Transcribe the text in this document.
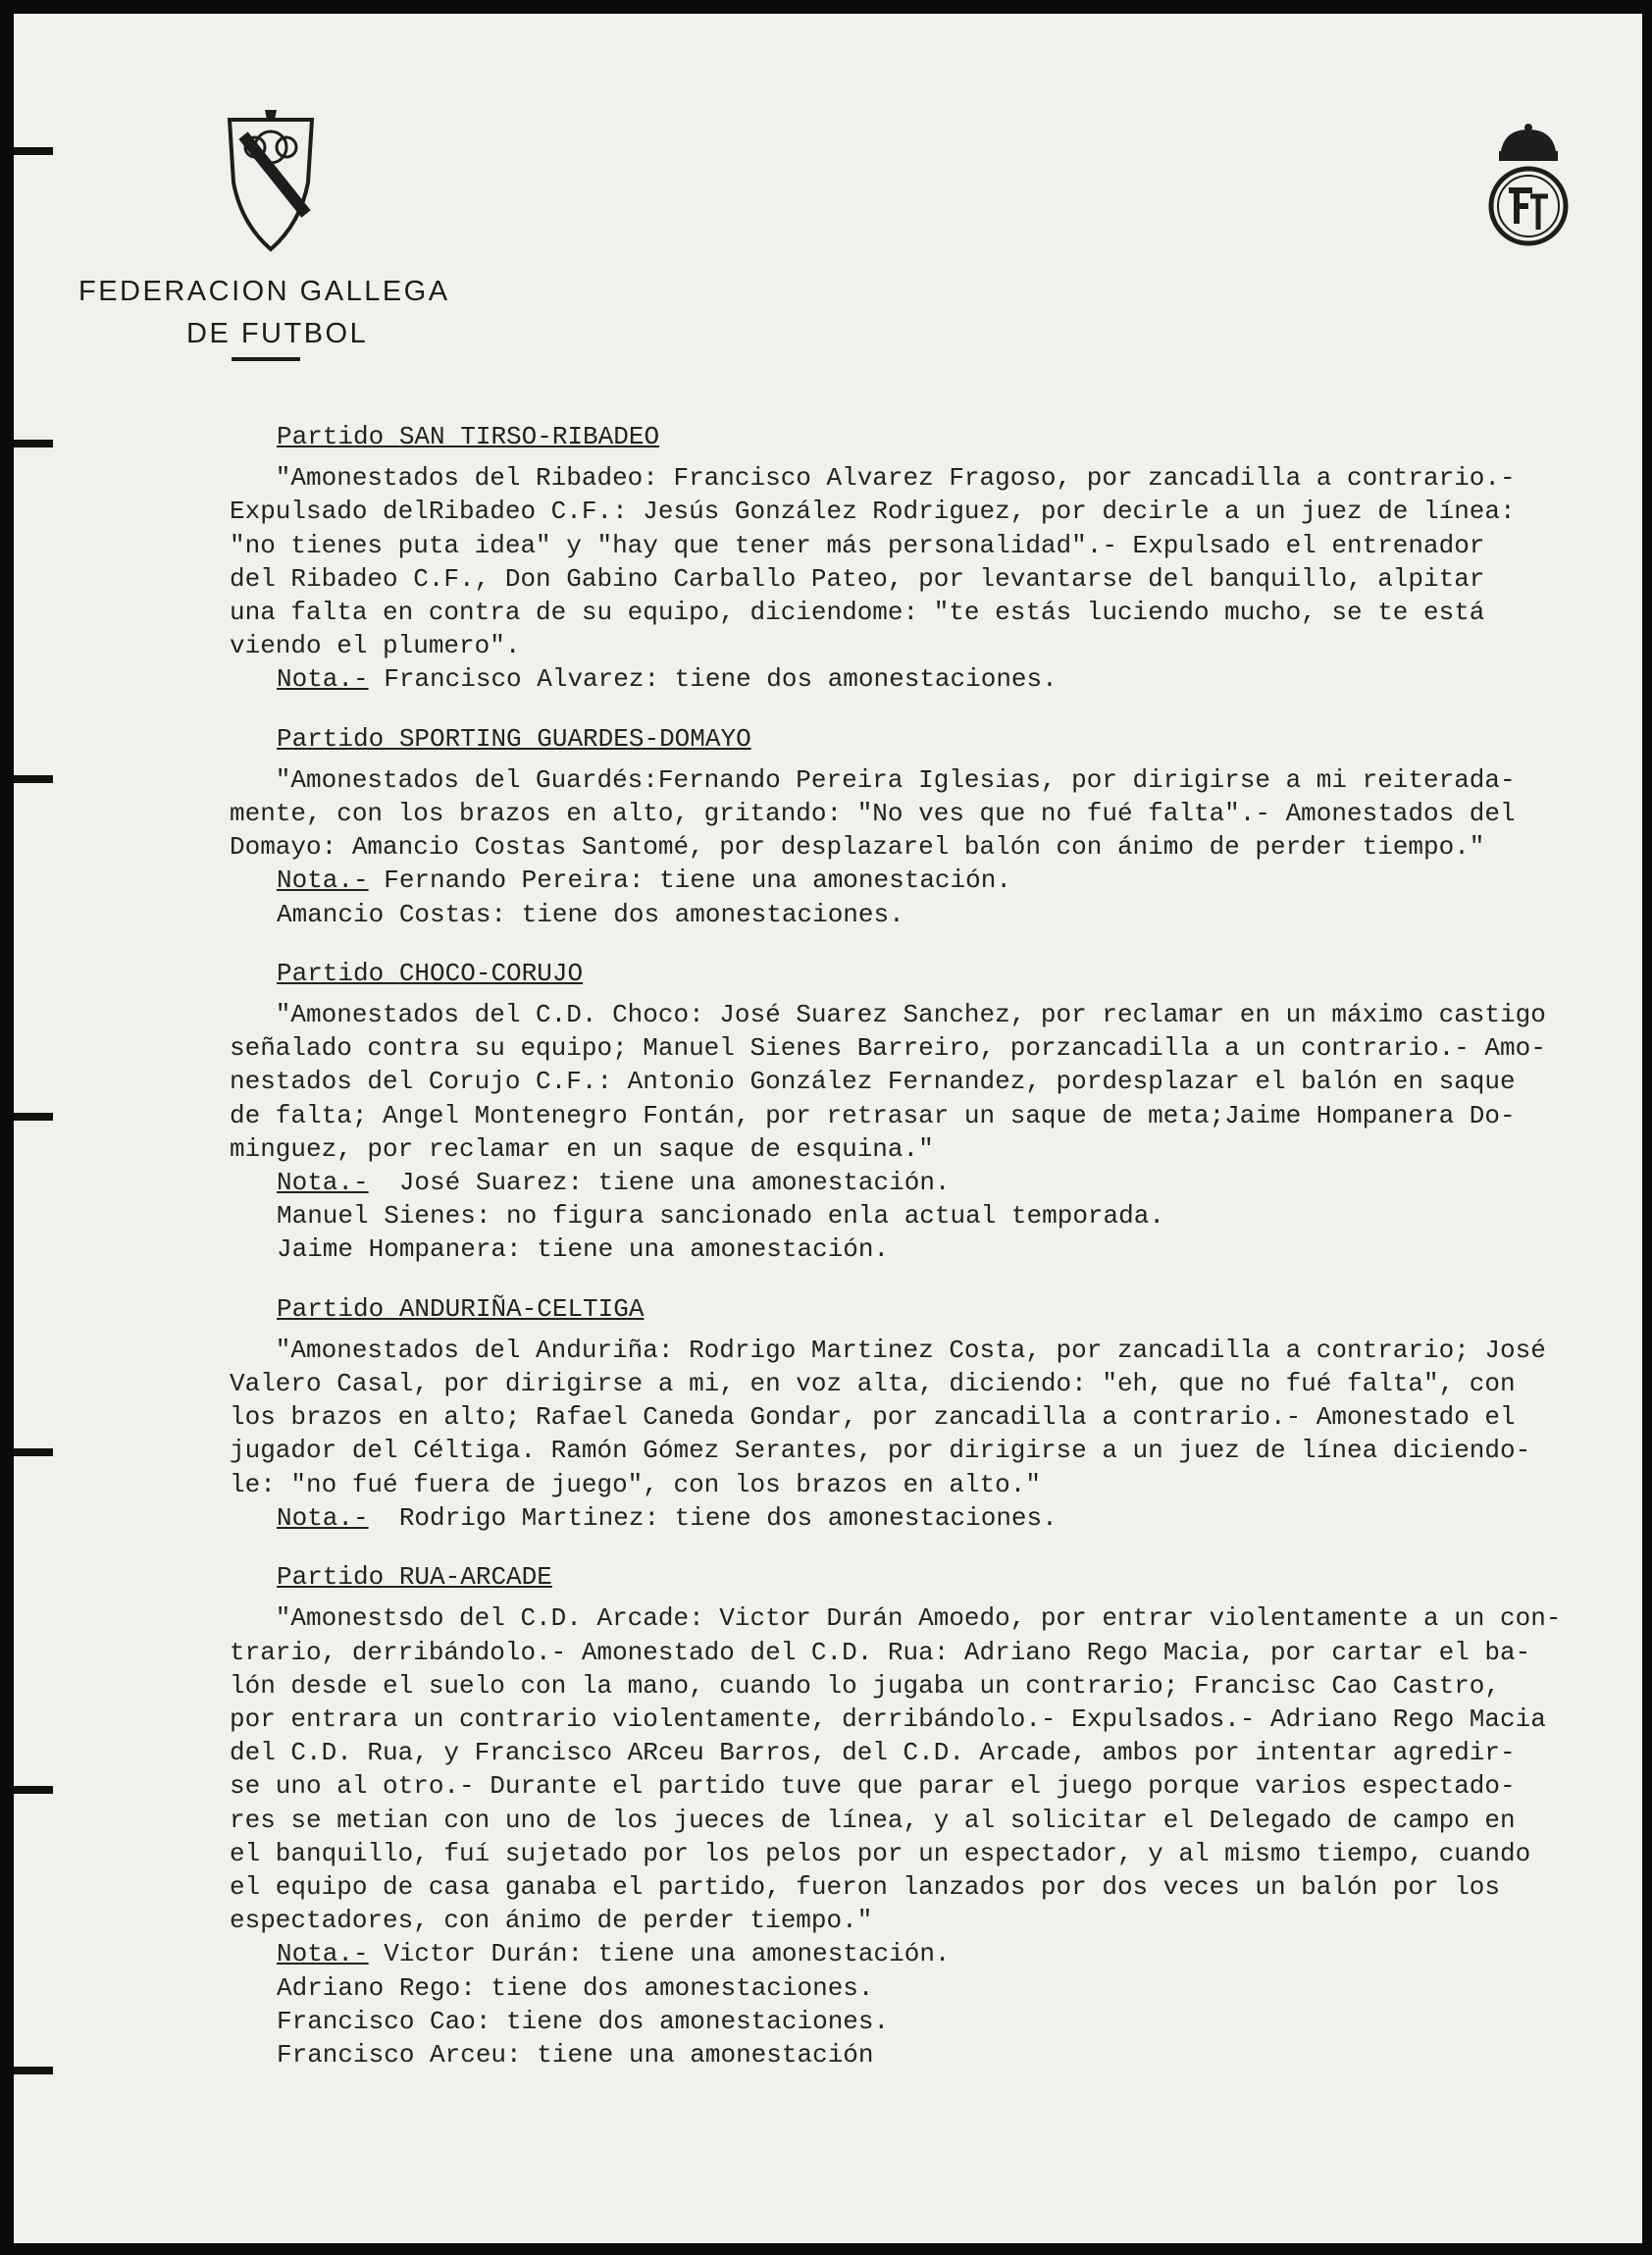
FEDERACION GALLEGA
DE FUTBOL
Partido SAN TIRSO-RIBADEO
"Amonestados del Ribadeo: Francisco Alvarez Fragoso, por zancadilla a contrario.-
Expulsado delRibadeo C.F.: Jesús González Rodriguez, por decirle a un juez de línea:
"no tienes puta idea" y "hay que tener más personalidad".- Expulsado el entrenador
del Ribadeo C.F., Don Gabino Carballo Pateo, por levantarse del banquillo, alpitar
una falta en contra de su equipo, diciendome: "te estás luciendo mucho, se te está
viendo el plumero".
Nota.- Francisco Alvarez: tiene dos amonestaciones.
Partido SPORTING GUARDES-DOMAYO
"Amonestados del Guardés:Fernando Pereira Iglesias, por dirigirse a mi reiterada-
mente, con los brazos en alto, gritando: "No ves que no fué falta".- Amonestados del
Domayo: Amancio Costas Santomé, por desplazarel balón con ánimo de perder tiempo."
Nota.- Fernando Pereira: tiene una amonestación.
Amancio Costas: tiene dos amonestaciones.
Partido CHOCO-CORUJO
"Amonestados del C.D. Choco: José Suarez Sanchez, por reclamar en un máximo castigo
señalado contra su equipo; Manuel Sienes Barreiro, porzancadilla a un contrario.- Amo-
nestados del Corujo C.F.: Antonio González Fernandez, pordesplazar el balón en saque
de falta; Angel Montenegro Fontán, por retrasar un saque de meta;Jaime Hompanera Do-
minguez, por reclamar en un saque de esquina."
Nota.-  José Suarez: tiene una amonestación.
Manuel Sienes: no figura sancionado enla actual temporada.
Jaime Hompanera: tiene una amonestación.
Partido ANDURIÑA-CELTIGA
"Amonestados del Anduriña: Rodrigo Martinez Costa, por zancadilla a contrario; José
Valero Casal, por dirigirse a mi, en voz alta, diciendo: "eh, que no fué falta", con
los brazos en alto; Rafael Caneda Gondar, por zancadilla a contrario.- Amonestado el
jugador del Céltiga. Ramón Gómez Serantes, por dirigirse a un juez de línea diciendo-
le: "no fué fuera de juego", con los brazos en alto."
Nota.-  Rodrigo Martinez: tiene dos amonestaciones.
Partido RUA-ARCADE
"Amonestsdo del C.D. Arcade: Victor Durán Amoedo, por entrar violentamente a un con-
trario, derribándolo.- Amonestado del C.D. Rua: Adriano Rego Macia, por cartar el ba-
lón desde el suelo con la mano, cuando lo jugaba un contrario; Francisc Cao Castro,
por entrara un contrario violentamente, derribándolo.- Expulsados.- Adriano Rego Macia
del C.D. Rua, y Francisco ARceu Barros, del C.D. Arcade, ambos por intentar agredir-
se uno al otro.- Durante el partido tuve que parar el juego porque varios espectado-
res se metian con uno de los jueces de línea, y al solicitar el Delegado de campo en
el banquillo, fuí sujetado por los pelos por un espectador, y al mismo tiempo, cuando
el equipo de casa ganaba el partido, fueron lanzados por dos veces un balón por los
espectadores, con ánimo de perder tiempo."
Nota.- Victor Durán: tiene una amonestación.
Adriano Rego: tiene dos amonestaciones.
Francisco Cao: tiene dos amonestaciones.
Francisco Arceu: tiene una amonestación
